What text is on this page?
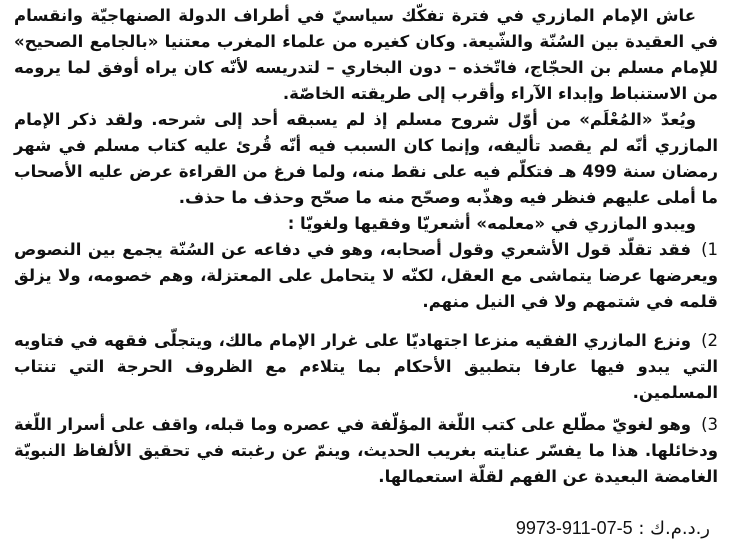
عاش الإمام المازري في فترة تفكّك سياسيّ في أطراف الدولة الصنهاجيّة وانقسام في العقيدة بين السُنّة والشّيعة. وكان كغيره من علماء المغرب معتنيا «بالجامع الصحيح» للإمام مسلم بن الحجّاج، فاتّخذه – دون البخاري – لتدريسه لأنّه كان يراه أوفق لما يرومه من الاستنباط وإبداء الآراء وأقرب إلى طريقته الخاصّة.

ويُعدّ «المُعْلَم» من أوّل شروح مسلم إذ لم يسبقه أحد إلى شرحه. ولقد ذكر الإمام المازري أنّه لم يقصد تأليفه، وإنما كان السبب فيه أنّه قُرئ عليه كتاب مسلم في شهر رمضان سنة 499 هـ فتكلّم فيه على نقط منه، ولما فرغ من القراءة عرض عليه الأصحاب ما أملى عليهم فنظر فيه وهذّبه وصحّح منه ما صحّح وحذف ما حذف.

ويبدو المازري في «معلمه» أشعريّا وفقيها ولغويّا :

1)فقد تقلّد قول الأشعري وقول أصحابه، وهو في دفاعه عن السُنّة يجمع بين النصوص ويعرضها عرضا يتماشى مع العقل، لكنّه لا يتحامل على المعتزلة، وهم خصومه، ولا يزلق قلمه في شتمهم ولا في النيل منهم.

2)ونزع المازري الفقيه منزعا اجتهاديّا على غرار الإمام مالك، ويتجلّى فقهه في فتاويه التي يبدو فيها عارفا بتطبيق الأحكام بما يتلاءم مع الظروف الحرجة التي تنتاب المسلمين.

3)وهو لغويّ مطّلع على كتب اللّغة المؤلّفة في عصره وما قبله، واقف على أسرار اللّغة ودخائلها. هذا ما يفسّر عنايته بغريب الحديث، وينمّ عن رغبته في تحقيق الألفاظ النبويّة الغامضة البعيدة عن الفهم لقلّة استعمالها.

ر.د.م.ك : 9973-911-07-5
